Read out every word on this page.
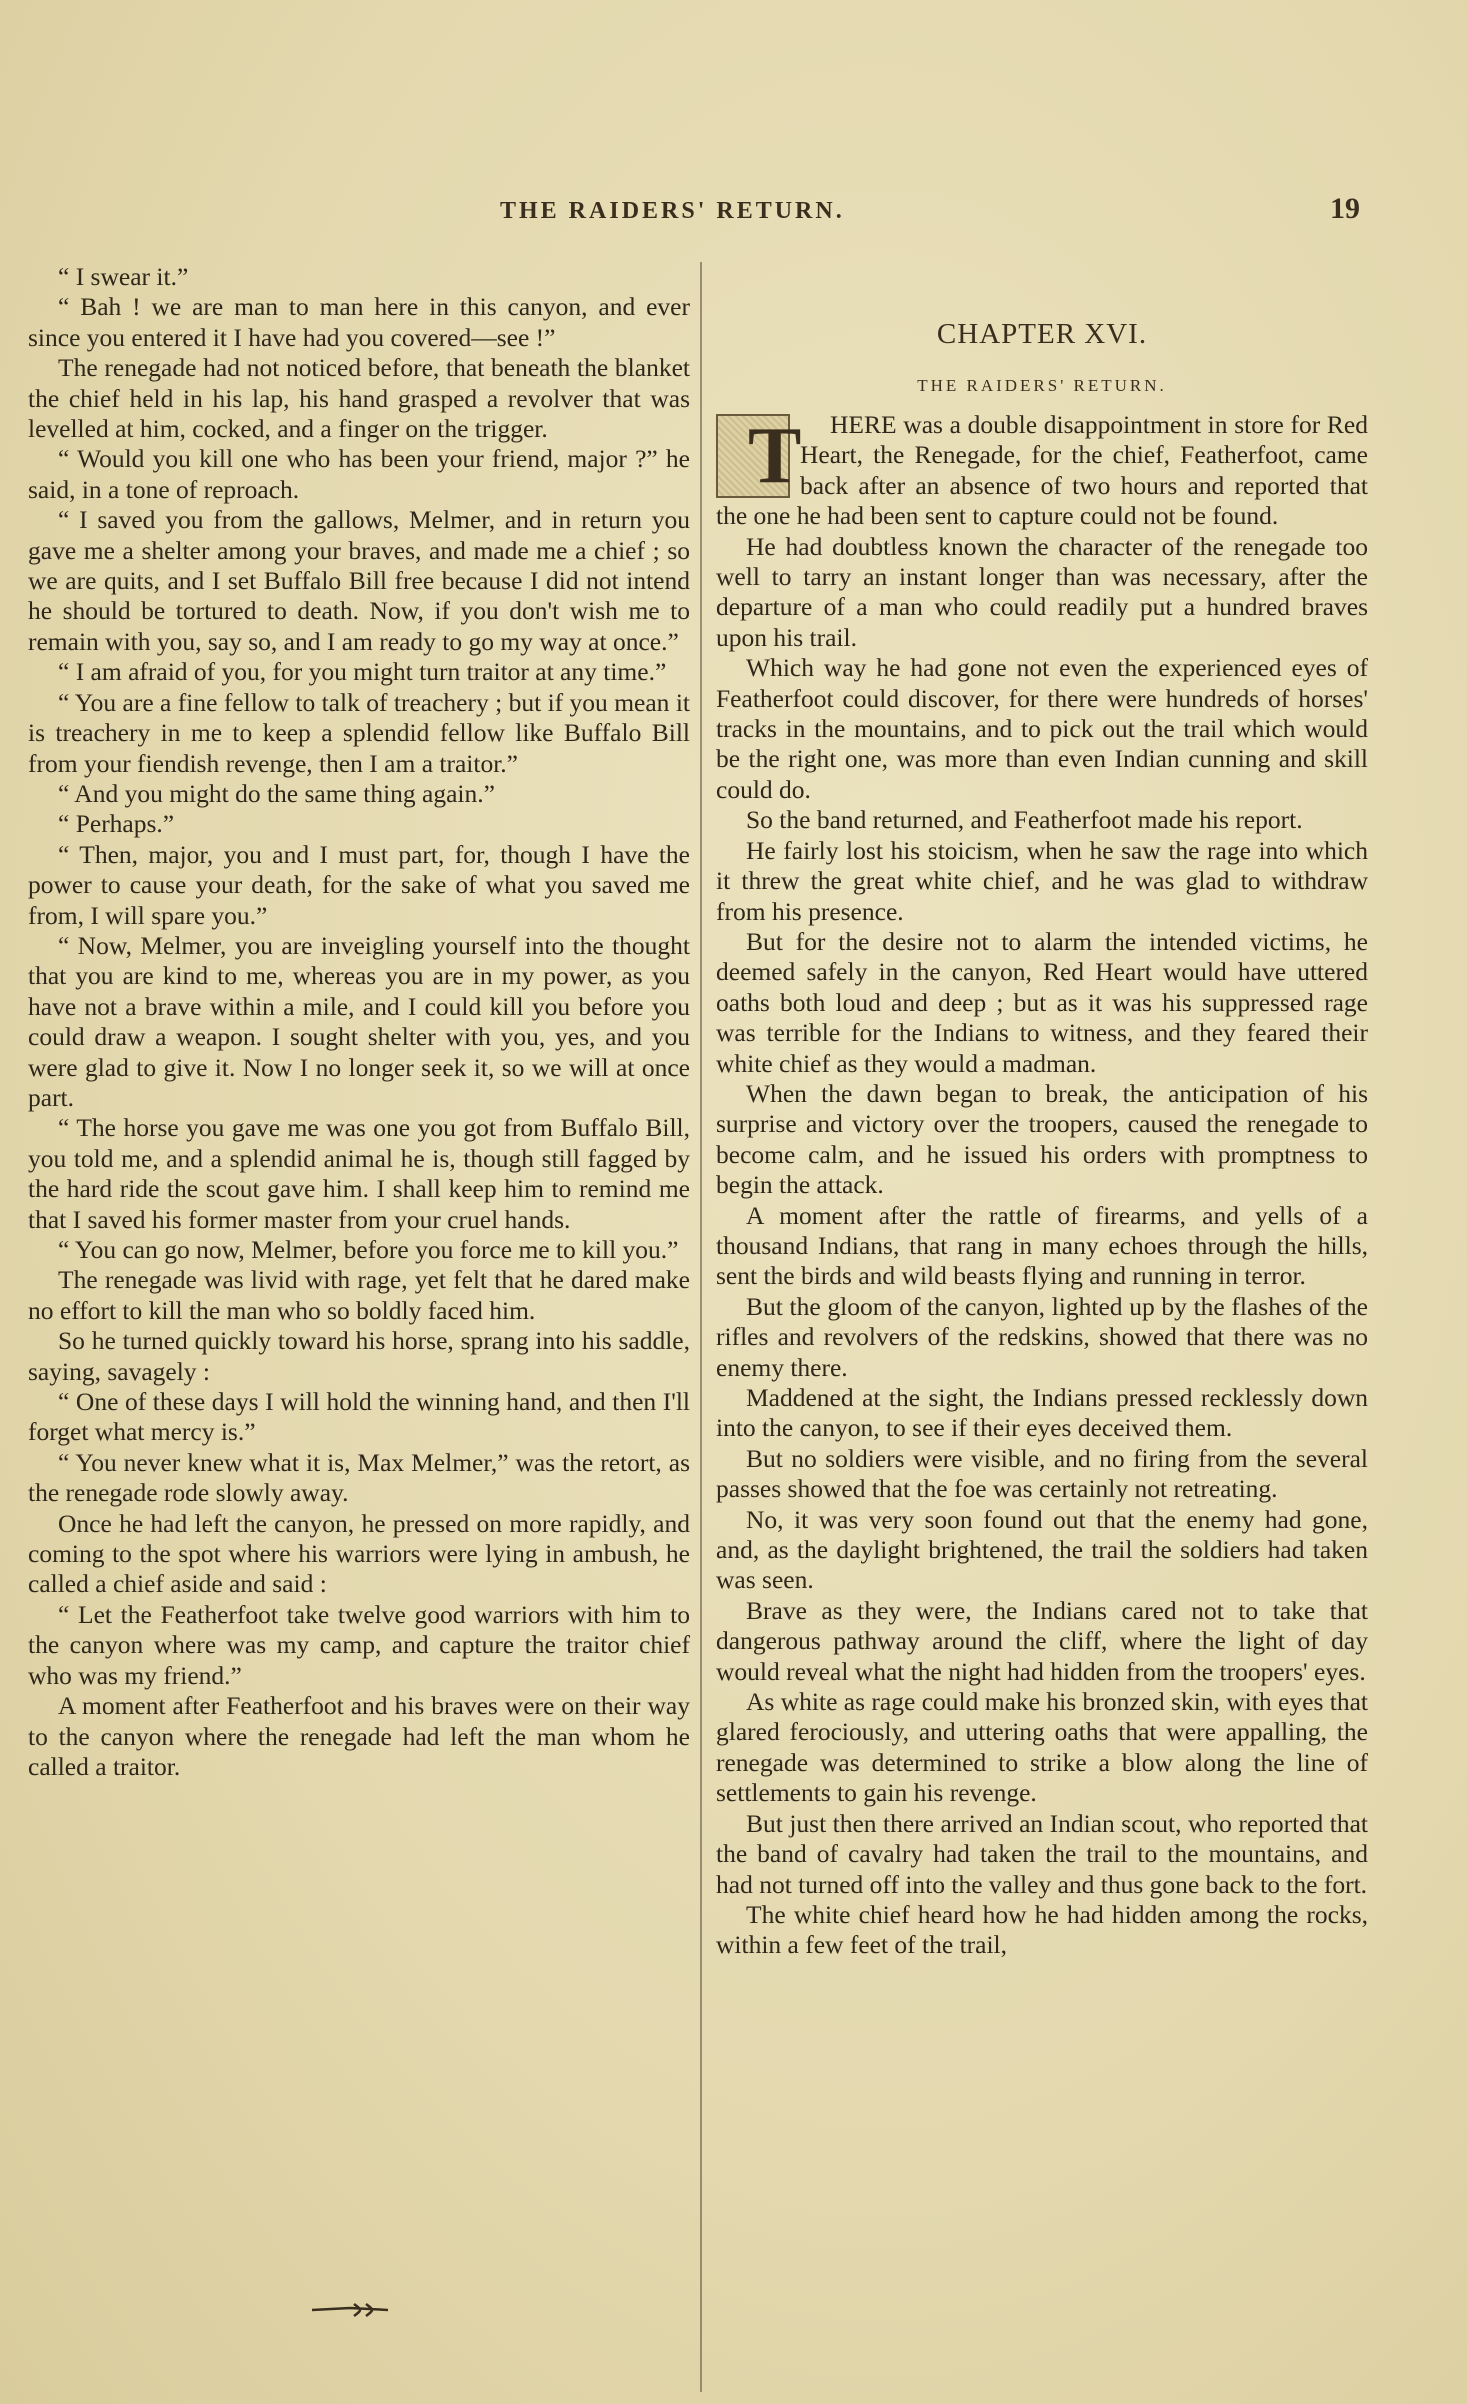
THE RAIDERS' RETURN.	19

“ I swear it.”

“ Bah ! we are man to man here in this canyon, and ever since you entered it I have had you covered—see !”

The renegade had not noticed before, that beneath the blanket the chief held in his lap, his hand grasped a revolver that was levelled at him, cocked, and a finger on the trigger.

“ Would you kill one who has been your friend, major ?” he said, in a tone of reproach.

“ I saved you from the gallows, Melmer, and in return you gave me a shelter among your braves, and made me a chief ; so we are quits, and I set Buffalo Bill free because I did not intend he should be tortured to death. Now, if you don't wish me to remain with you, say so, and I am ready to go my way at once.”

“ I am afraid of you, for you might turn traitor at any time.”

“ You are a fine fellow to talk of treachery ; but if you mean it is treachery in me to keep a splendid fellow like Buffalo Bill from your fiendish revenge, then I am a traitor.”

“ And you might do the same thing again.”

“ Perhaps.”

“ Then, major, you and I must part, for, though I have the power to cause your death, for the sake of what you saved me from, I will spare you.”

“ Now, Melmer, you are inveigling yourself into the thought that you are kind to me, whereas you are in my power, as you have not a brave within a mile, and I could kill you before you could draw a weapon. I sought shelter with you, yes, and you were glad to give it. Now I no longer seek it, so we will at once part.

“ The horse you gave me was one you got from Buffalo Bill, you told me, and a splendid animal he is, though still fagged by the hard ride the scout gave him. I shall keep him to remind me that I saved his former master from your cruel hands.

“ You can go now, Melmer, before you force me to kill you.”

The renegade was livid with rage, yet felt that he dared make no effort to kill the man who so boldly faced him.

So he turned quickly toward his horse, sprang into his saddle, saying, savagely :

“ One of these days I will hold the winning hand, and then I'll forget what mercy is.”

“ You never knew what it is, Max Melmer,” was the retort, as the renegade rode slowly away.

Once he had left the canyon, he pressed on more rapidly, and coming to the spot where his warriors were lying in ambush, he called a chief aside and said :

“ Let the Featherfoot take twelve good warriors with him to the canyon where was my camp, and capture the traitor chief who was my friend.”

A moment after Featherfoot and his braves were on their way to the canyon where the renegade had left the man whom he called a traitor.

CHAPTER XVI.
THE RAIDERS' RETURN.

T HERE was a double disappointment in store for Red Heart, the Renegade, for the chief, Featherfoot, came back after an absence of two hours and reported that the one he had been sent to capture could not be found.

He had doubtless known the character of the renegade too well to tarry an instant longer than was necessary, after the departure of a man who could readily put a hundred braves upon his trail.

Which way he had gone not even the experienced eyes of Featherfoot could discover, for there were hundreds of horses' tracks in the mountains, and to pick out the trail which would be the right one, was more than even Indian cunning and skill could do.

So the band returned, and Featherfoot made his report.

He fairly lost his stoicism, when he saw the rage into which it threw the great white chief, and he was glad to withdraw from his presence.

But for the desire not to alarm the intended victims, he deemed safely in the canyon, Red Heart would have uttered oaths both loud and deep ; but as it was his suppressed rage was terrible for the Indians to witness, and they feared their white chief as they would a madman.

When the dawn began to break, the anticipation of his surprise and victory over the troopers, caused the renegade to become calm, and he issued his orders with promptness to begin the attack.

A moment after the rattle of firearms, and yells of a thousand Indians, that rang in many echoes through the hills, sent the birds and wild beasts flying and running in terror.

But the gloom of the canyon, lighted up by the flashes of the rifles and revolvers of the redskins, showed that there was no enemy there.

Maddened at the sight, the Indians pressed recklessly down into the canyon, to see if their eyes deceived them.

But no soldiers were visible, and no firing from the several passes showed that the foe was certainly not retreating.

No, it was very soon found out that the enemy had gone, and, as the daylight brightened, the trail the soldiers had taken was seen.

Brave as they were, the Indians cared not to take that dangerous pathway around the cliff, where the light of day would reveal what the night had hidden from the troopers' eyes.

As white as rage could make his bronzed skin, with eyes that glared ferociously, and uttering oaths that were appalling, the renegade was determined to strike a blow along the line of settlements to gain his revenge.

But just then there arrived an Indian scout, who reported that the band of cavalry had taken the trail to the mountains, and had not turned off into the valley and thus gone back to the fort.

The white chief heard how he had hidden among the rocks, within a few feet of the trail,
